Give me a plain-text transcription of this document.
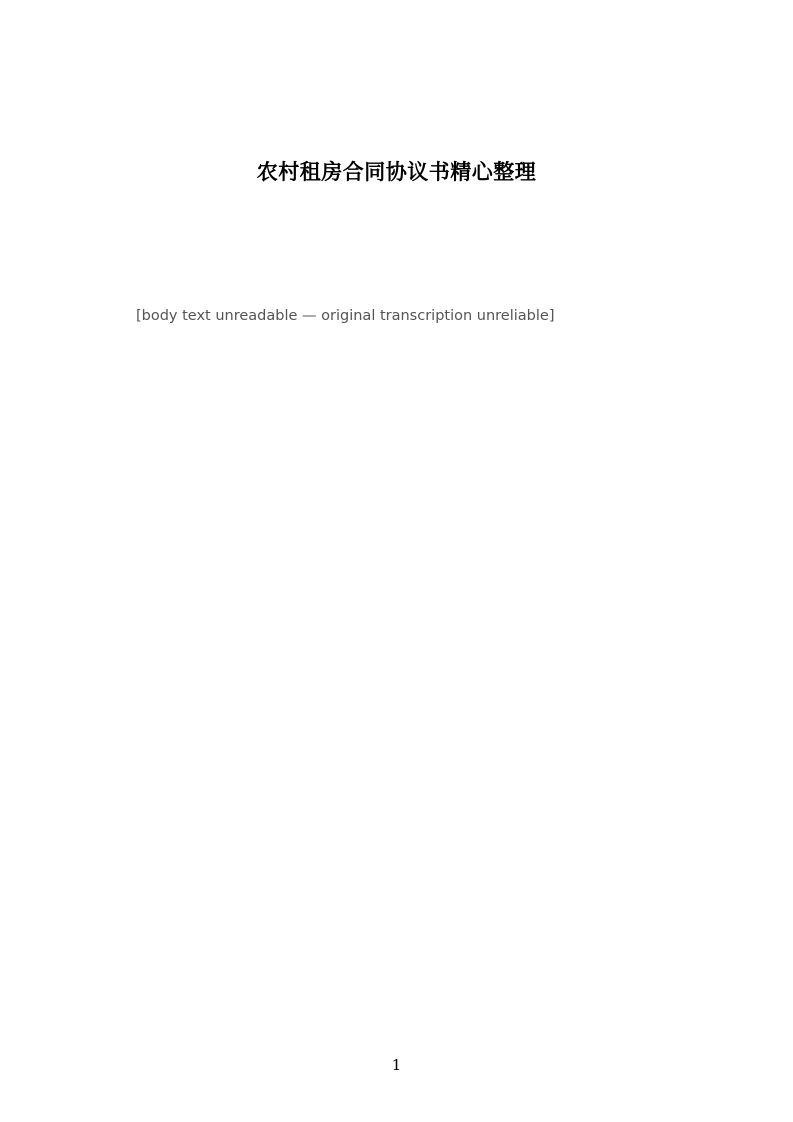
农村租房合同协议书精心整理

[body text unreadable — original transcription unreliable]

1
